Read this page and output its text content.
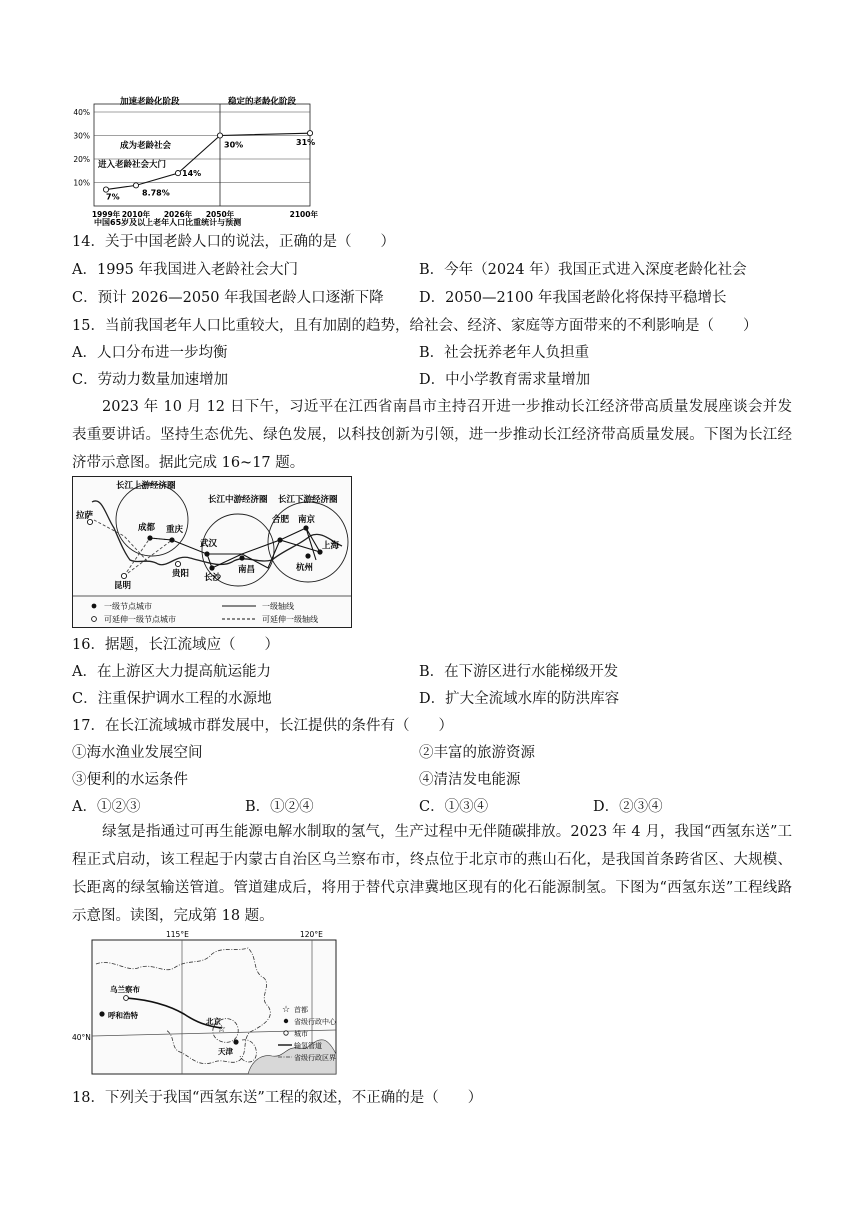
40%
30%
20%
10%
1999年 2010年 2026年 2050年	2100年
7%	8.78%
14%
30%	31%
加速老龄化阶段	稳定的老龄化阶段
成为老龄社会
进入老龄社会大门
中国65岁及以上老年人口比重统计与预测
14．关于中国老龄人口的说法，正确的是（　　）
A．1995 年我国进入老龄社会大门	B．今年（2024 年）我国正式进入深度老龄化社会
C．预计 2026—2050 年我国老龄人口逐渐下降 D．2050—2100 年我国老龄化将保持平稳增长
15．当前我国老年人口比重较大，且有加剧的趋势，给社会、经济、家庭等方面带来的不利影响是（　　）
A．人口分布进一步均衡	B．社会抚养老年人负担重
C．劳动力数量加速增加	D．中小学教育需求量增加
2023 年 10 月 12 日下午，习近平在江西省南昌市主持召开进一步推动长江经济带高质量发展座谈会并发表重要讲话。坚持生态优先、绿色发展，以科技创新为引领，进一步推动长江经济带高质量发展。下图为长江经济带示意图。据此完成 16~17 题。
长江上游经济圈
长江中游经济圈 长江下游经济圈
拉萨
成都 重庆
昆明
贵阳
武汉
长沙
南昌
合肥 南京
上海
杭州
一级节点城市
可延伸一级节点城市
一级轴线
可延伸一级轴线
16．据题，长江流域应（　　）
A．在上游区大力提高航运能力	B．在下游区进行水能梯级开发
C．注重保护调水工程的水源地	D．扩大全流域水库的防洪库容
17．在长江流域城市群发展中，长江提供的条件有（　　）
①海水渔业发展空间	②丰富的旅游资源
③便利的水运条件	④清洁发电能源
A．①②③	B．①②④	C．①③④	D．②③④
绿氢是指通过可再生能源电解水制取的氢气，生产过程中无伴随碳排放。2023 年 4 月，我国“西氢东送”工程正式启动，该工程起于内蒙古自治区乌兰察布市，终点位于北京市的燕山石化，是我国首条跨省区、大规模、长距离的绿氢输送管道。管道建成后，将用于替代京津冀地区现有的化石能源制氢。下图为“西氢东送”工程线路示意图。读图，完成第 18 题。
115°E	120°E
40°N
☆
乌兰察布
呼和浩特
北京
天津
☆ 首都
省级行政中心
城市
输氢管道
省级行政区界
18．下列关于我国“西氢东送”工程的叙述，不正确的是（　　）
